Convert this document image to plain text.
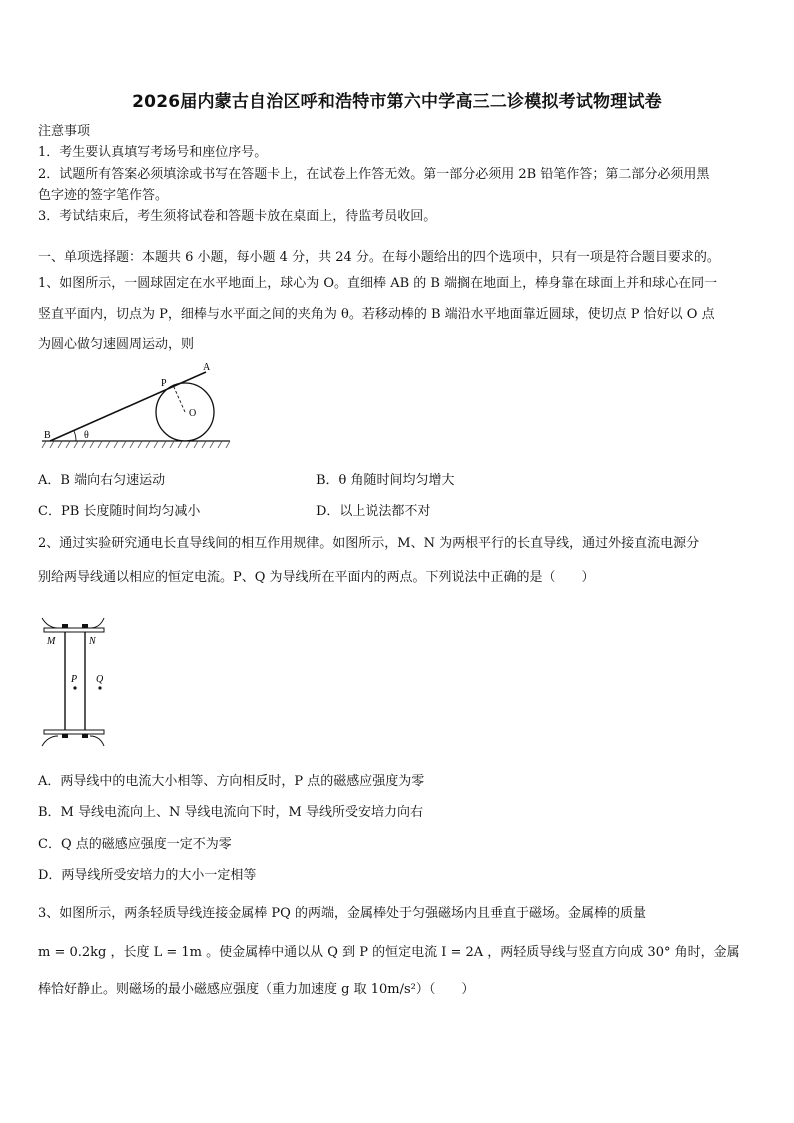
2026届内蒙古自治区呼和浩特市第六中学高三二诊模拟考试物理试卷
注意事项
1．考生要认真填写考场号和座位序号。
2．试题所有答案必须填涂或书写在答题卡上，在试卷上作答无效。第一部分必须用 2B 铅笔作答；第二部分必须用黑
色字迹的签字笔作答。
3．考试结束后，考生须将试卷和答题卡放在桌面上，待监考员收回。
一、单项选择题：本题共 6 小题，每小题 4 分，共 24 分。在每小题给出的四个选项中，只有一项是符合题目要求的。
1、如图所示，一圆球固定在水平地面上，球心为 O。直细棒 AB 的 B 端搁在地面上，棒身靠在球面上并和球心在同一
竖直平面内，切点为 P，细棒与水平面之间的夹角为 θ。若移动棒的 B 端沿水平地面靠近圆球，使切点 P 恰好以 O 点
为圆心做匀速圆周运动，则
B	θ
P
O
A
A．B 端向右匀速运动	B．θ 角随时间均匀增大
C．PB 长度随时间均匀减小	D．以上说法都不对
2、通过实验研究通电长直导线间的相互作用规律。如图所示，M、N 为两根平行的长直导线，通过外接直流电源分
别给两导线通以相应的恒定电流。P、Q 为导线所在平面内的两点。下列说法中正确的是（　　）
M	N
P Q
A．两导线中的电流大小相等、方向相反时，P 点的磁感应强度为零
B．M 导线电流向上、N 导线电流向下时，M 导线所受安培力向右
C．Q 点的磁感应强度一定不为零
D．两导线所受安培力的大小一定相等
3、如图所示，两条轻质导线连接金属棒 PQ 的两端，金属棒处于匀强磁场内且垂直于磁场。金属棒的质量
m = 0.2kg ，长度 L = 1m 。使金属棒中通以从 Q 到 P 的恒定电流 I = 2A ，两轻质导线与竖直方向成 30° 角时，金属
棒恰好静止。则磁场的最小磁感应强度（重力加速度 g 取 10m/s²）（　　）
